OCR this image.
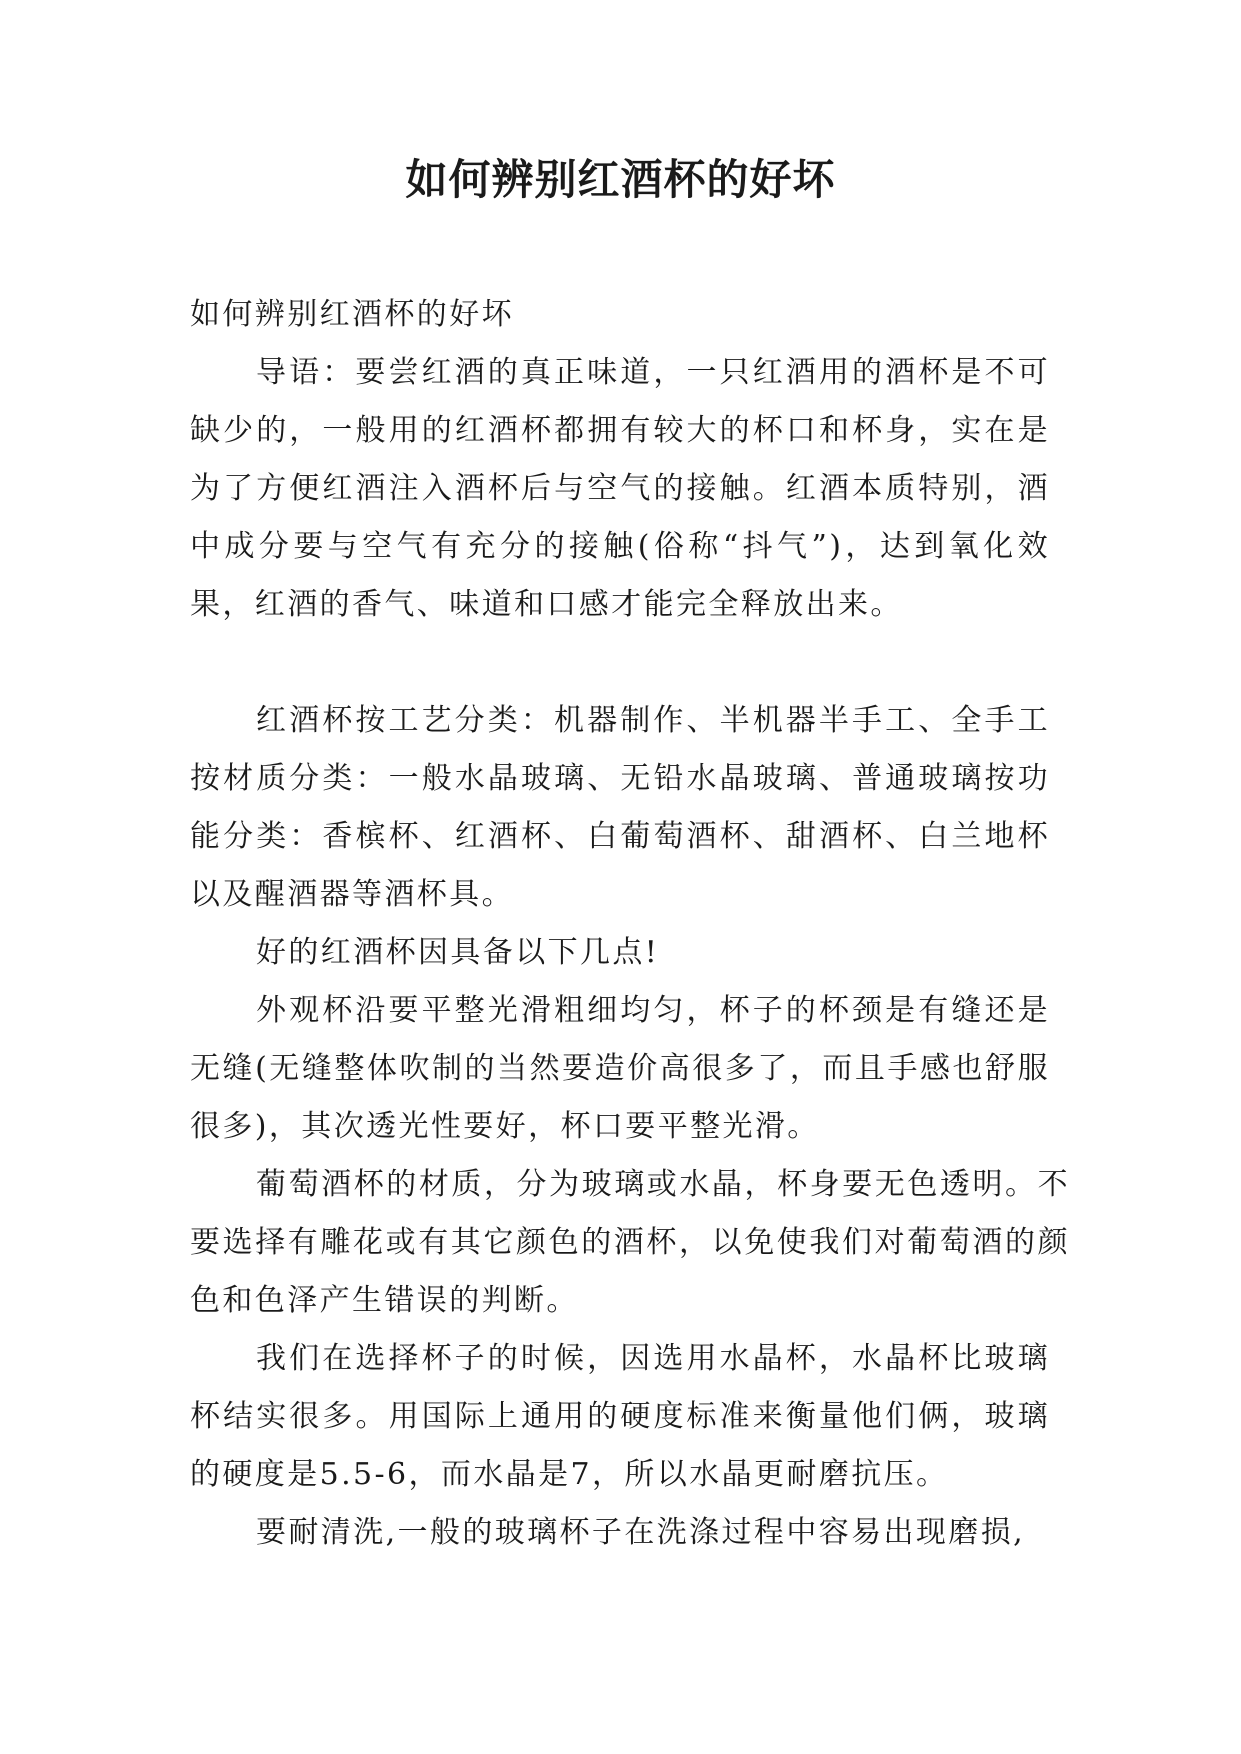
如何辨别红酒杯的好坏

如何辨别红酒杯的好坏

导语：要尝红酒的真正味道，一只红酒用的酒杯是不可缺少的，一般用的红酒杯都拥有较大的杯口和杯身，实在是为了方便红酒注入酒杯后与空气的接触。红酒本质特别，酒中成分要与空气有充分的接触(俗称“抖气”)，达到氧化效果，红酒的香气、味道和口感才能完全释放出来。

红酒杯按工艺分类：机器制作、半机器半手工、全手工按材质分类：一般水晶玻璃、无铅水晶玻璃、普通玻璃按功能分类：香槟杯、红酒杯、白葡萄酒杯、甜酒杯、白兰地杯以及醒酒器等酒杯具。

好的红酒杯因具备以下几点!

外观杯沿要平整光滑粗细均匀，杯子的杯颈是有缝还是无缝(无缝整体吹制的当然要造价高很多了，而且手感也舒服很多)，其次透光性要好，杯口要平整光滑。

葡萄酒杯的材质，分为玻璃或水晶，杯身要无色透明。不要选择有雕花或有其它颜色的酒杯，以免使我们对葡萄酒的颜色和色泽产生错误的判断。

我们在选择杯子的时候，因选用水晶杯，水晶杯比玻璃杯结实很多。用国际上通用的硬度标准来衡量他们俩，玻璃的硬度是5.5-6，而水晶是7，所以水晶更耐磨抗压。

要耐清洗,一般的玻璃杯子在洗涤过程中容易出现磨损,
